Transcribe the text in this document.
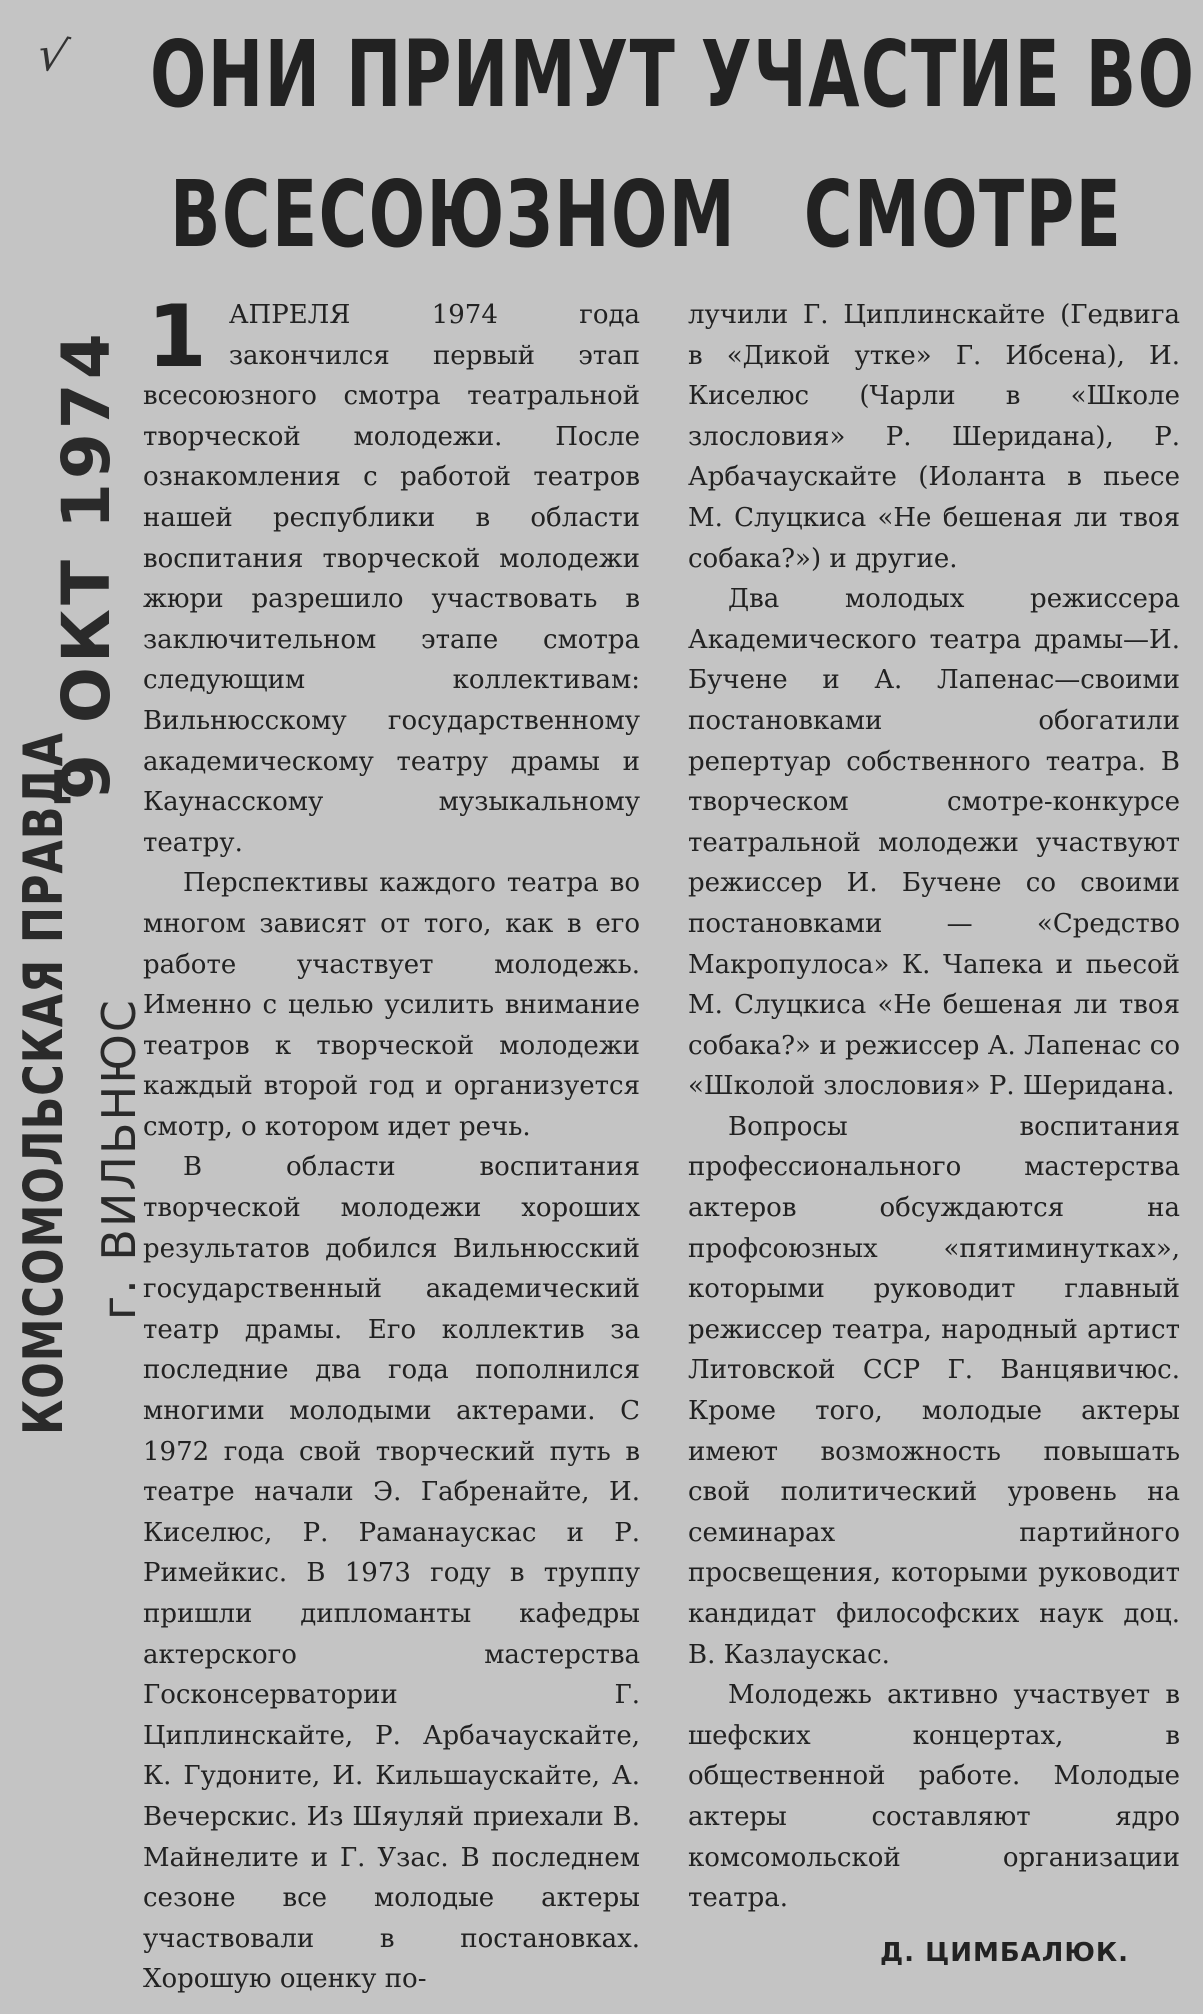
√ ОНИ ПРИМУТ УЧАСТИЕ ВО
ВСЕСОЮЗНОМ СМОТРЕ
9 ОКТ 1974
КОМСОМОЛЬСКАЯ ПРАВДА г. ВИЛЬНЮС

1 АПРЕЛЯ 1974 года закончился первый этап всесоюзного смотра театральной творческой молодежи. После ознакомления с работой театров нашей республики в области воспитания творческой молодежи жюри разрешило участвовать в заключительном этапе смотра следующим коллективам: Вильнюсскому государственному академическому театру драмы и Каунасскому музыкальному театру.

Перспективы каждого театра во многом зависят от того, как в его работе участвует молодежь. Именно с целью усилить внимание театров к творческой молодежи каждый второй год и организуется смотр, о котором идет речь.

В области воспитания творческой молодежи хороших результатов добился Вильнюсский государственный академический театр драмы. Его коллектив за последние два года пополнился многими молодыми актерами. С 1972 года свой творческий путь в театре начали Э. Габренайте, И. Киселюс, Р. Раманаускас и Р. Римейкис. В 1973 году в труппу пришли дипломанты кафедры актерского мастерства Госконсерватории Г. Циплинскайте, Р. Арбачаускайте, К. Гудоните, И. Кильшаускайте, А. Вечерскис. Из Шяуляй приехали В. Майнелите и Г. Узас. В последнем сезоне все молодые актеры участвовали в постановках. Хорошую оценку по-

лучили Г. Циплинскайте (Гедвига в «Дикой утке» Г. Ибсена), И. Киселюс (Чарли в «Школе злословия» Р. Шеридана), Р. Арбачаускайте (Иоланта в пьесе М. Слуцкиса «Не бешеная ли твоя собака?») и другие.

Два молодых режиссера Академического театра драмы—И. Бучене и А. Лапенас—своими постановками обогатили репертуар собственного театра. В творческом смотре-конкурсе театральной молодежи участвуют режиссер И. Бучене со своими постановками — «Средство Макропулоса» К. Чапека и пьесой М. Слуцкиса «Не бешеная ли твоя собака?» и режиссер А. Лапенас со «Школой злословия» Р. Шеридана.

Вопросы воспитания профессионального мастерства актеров обсуждаются на профсоюзных «пятиминутках», которыми руководит главный режиссер театра, народный артист Литовской ССР Г. Ванцявичюс. Кроме того, молодые актеры имеют возможность повышать свой политический уровень на семинарах партийного просвещения, которыми руководит кандидат философских наук доц. В. Казлаускас.

Молодежь активно участвует в шефских концертах, в общественной работе. Молодые актеры составляют ядро комсомольской организации театра.

Д. ЦИМБАЛЮК.
